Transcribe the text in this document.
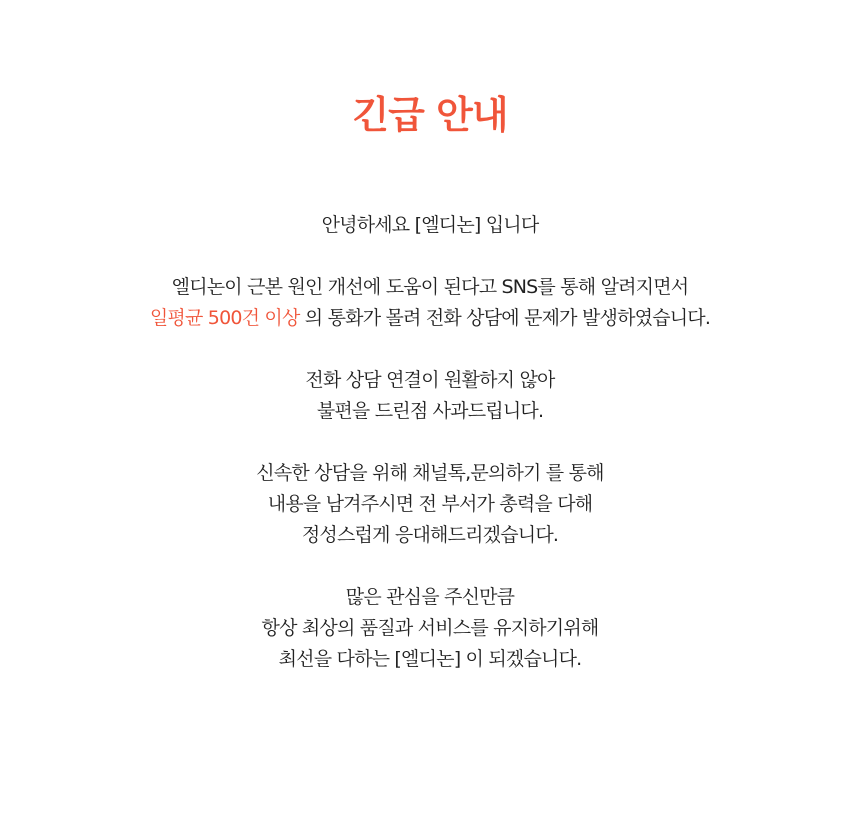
긴급 안내

안녕하세요 [엘디논] 입니다

엘디논이 근본 원인 개선에 도움이 된다고 SNS를 통해 알려지면서
일평균 500건 이상 의 통화가 몰려 전화 상담에 문제가 발생하였습니다.

전화 상담 연결이 원활하지 않아
불편을 드린점 사과드립니다.

신속한 상담을 위해 채널톡,문의하기 를 통해
내용을 남겨주시면 전 부서가 총력을 다해
정성스럽게 응대해드리겠습니다.

많은 관심을 주신만큼
항상 최상의 품질과 서비스를 유지하기위해
최선을 다하는 [엘디논] 이 되겠습니다.
